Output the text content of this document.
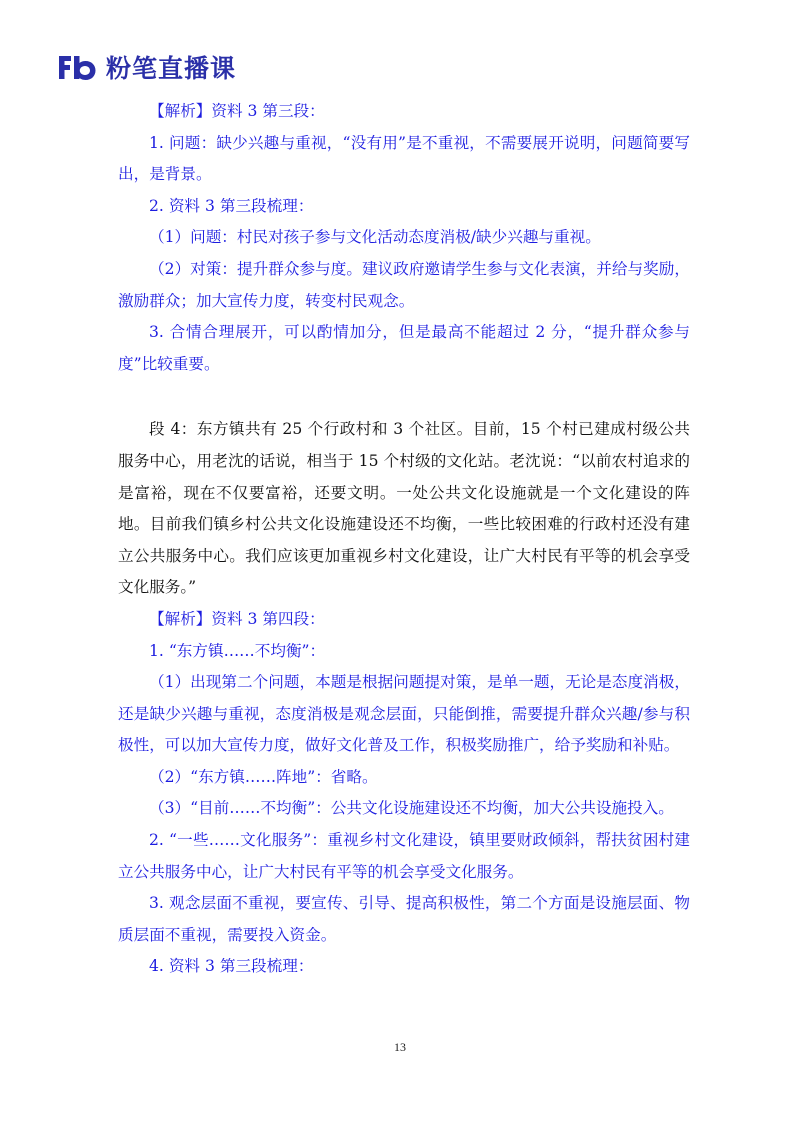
粉笔直播课

【解析】资料 3 第三段：

1. 问题：缺少兴趣与重视，“没有用”是不重视，不需要展开说明，问题简要写出，是背景。

2. 资料 3 第三段梳理：

（1）问题：村民对孩子参与文化活动态度消极/缺少兴趣与重视。

（2）对策：提升群众参与度。建议政府邀请学生参与文化表演，并给与奖励，激励群众；加大宣传力度，转变村民观念。

3. 合情合理展开，可以酌情加分，但是最高不能超过 2 分，“提升群众参与度”比较重要。

段 4：东方镇共有 25 个行政村和 3 个社区。目前，15 个村已建成村级公共服务中心，用老沈的话说，相当于 15 个村级的文化站。老沈说：“以前农村追求的是富裕，现在不仅要富裕，还要文明。一处公共文化设施就是一个文化建设的阵地。目前我们镇乡村公共文化设施建设还不均衡，一些比较困难的行政村还没有建立公共服务中心。我们应该更加重视乡村文化建设，让广大村民有平等的机会享受文化服务。”

【解析】资料 3 第四段：

1. “东方镇……不均衡”：

（1）出现第二个问题，本题是根据问题提对策，是单一题，无论是态度消极，还是缺少兴趣与重视，态度消极是观念层面，只能倒推，需要提升群众兴趣/参与积极性，可以加大宣传力度，做好文化普及工作，积极奖励推广，给予奖励和补贴。

（2）“东方镇……阵地”：省略。

（3）“目前……不均衡”：公共文化设施建设还不均衡，加大公共设施投入。

2. “一些……文化服务”：重视乡村文化建设，镇里要财政倾斜，帮扶贫困村建立公共服务中心，让广大村民有平等的机会享受文化服务。

3. 观念层面不重视，要宣传、引导、提高积极性，第二个方面是设施层面、物质层面不重视，需要投入资金。

4. 资料 3 第三段梳理：

13
